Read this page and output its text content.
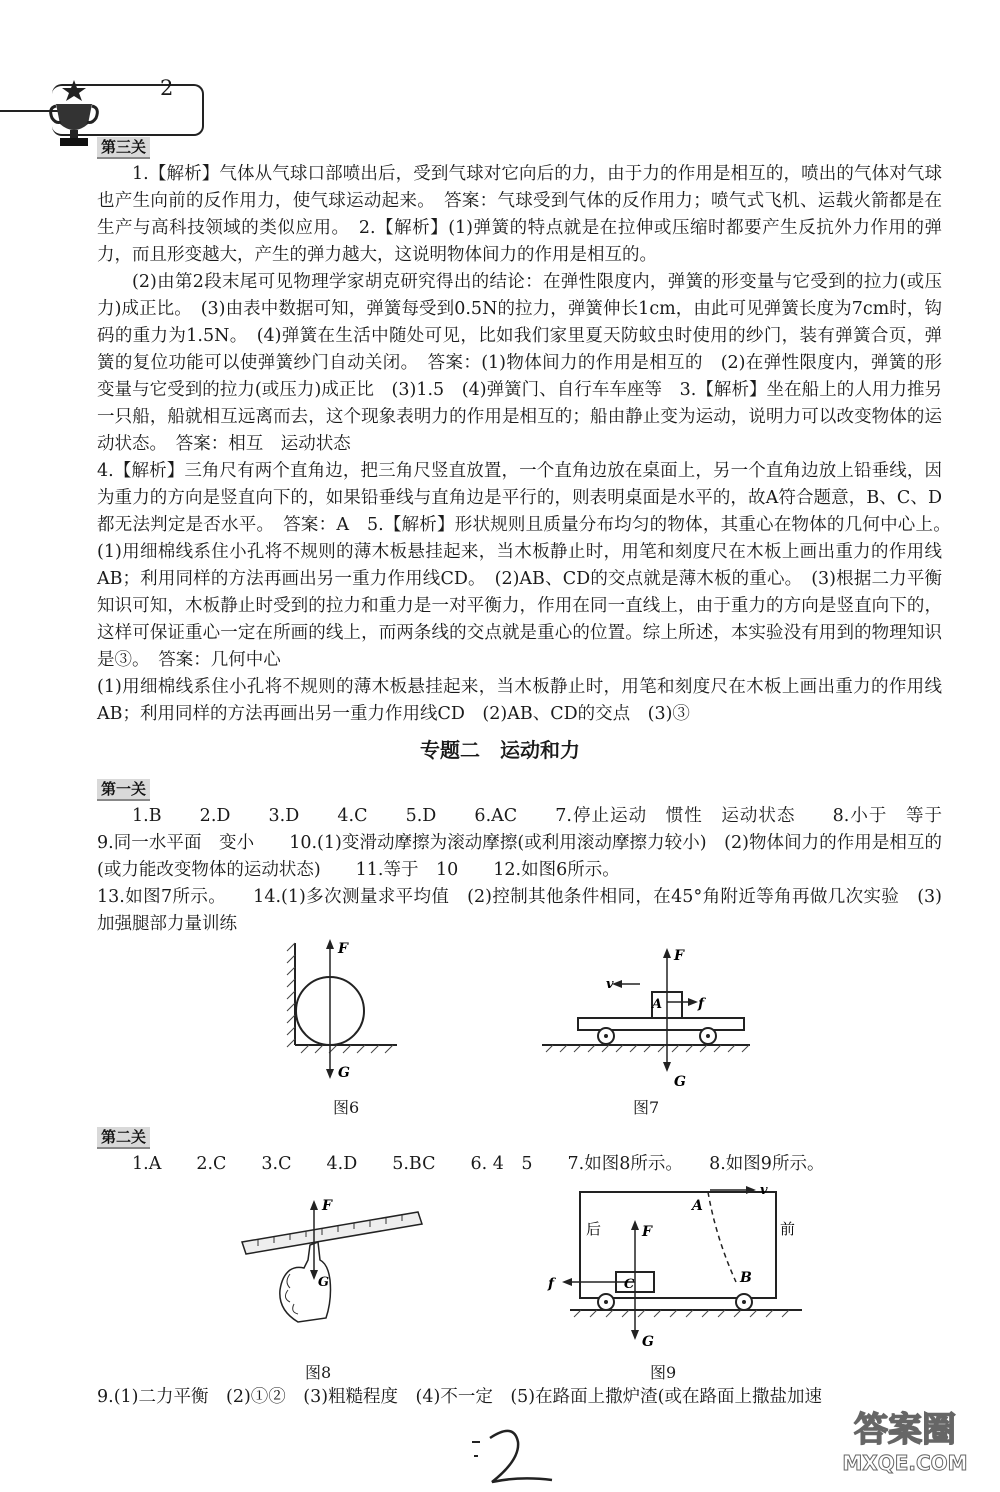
2
第三关

1.【解析】气体从气球口部喷出后，受到气球对它向后的力，由于力的作用是相互的，喷出的气体对气球也产生向前的反作用力，使气球运动起来。　答案：气球受到气体的反作用力；喷气式飞机、运载火箭都是在生产与高科技领域的类似应用。　2.【解析】(1)弹簧的特点就是在拉伸或压缩时都要产生反抗外力作用的弹力，而且形变越大，产生的弹力越大，这说明物体间力的作用是相互的。

(2)由第2段末尾可见物理学家胡克研究得出的结论：在弹性限度内，弹簧的形变量与它受到的拉力(或压力)成正比。　(3)由表中数据可知，弹簧每受到0.5N的拉力，弹簧伸长1cm，由此可见弹簧长度为7cm时，钩码的重力为1.5N。　(4)弹簧在生活中随处可见，比如我们家里夏天防蚊虫时使用的纱门，装有弹簧合页，弹簧的复位功能可以使弹簧纱门自动关闭。　答案：(1)物体间力的作用是相互的　(2)在弹性限度内，弹簧的形变量与它受到的拉力(或压力)成正比　(3)1.5　(4)弹簧门、自行车车座等　3.【解析】坐在船上的人用力推另一只船，船就相互远离而去，这个现象表明力的作用是相互的；船由静止变为运动，说明力可以改变物体的运动状态。　答案：相互　运动状态

4.【解析】三角尺有两个直角边，把三角尺竖直放置，一个直角边放在桌面上，另一个直角边放上铅垂线，因为重力的方向是竖直向下的，如果铅垂线与直角边是平行的，则表明桌面是水平的，故A符合题意，B、C、D都无法判定是否水平。　答案：A　5.【解析】形状规则且质量分布均匀的物体，其重心在物体的几何中心上。　(1)用细棉线系住小孔将不规则的薄木板悬挂起来，当木板静止时，用笔和刻度尺在木板上画出重力的作用线AB；利用同样的方法再画出另一重力作用线CD。　(2)AB、CD的交点就是薄木板的重心。　(3)根据二力平衡知识可知，木板静止时受到的拉力和重力是一对平衡力，作用在同一直线上，由于重力的方向是竖直向下的，这样可保证重心一定在所画的线上，而两条线的交点就是重心的位置。综上所述，本实验没有用到的物理知识是③。　答案：几何中心

(1)用细棉线系住小孔将不规则的薄木板悬挂起来，当木板静止时，用笔和刻度尺在木板上画出重力的作用线AB；利用同样的方法再画出另一重力作用线CD　(2)AB、CD的交点　(3)③

专题二　运动和力
第一关

1.B　　2.D　　3.D　　4.C　　5.D　　6.AC　　7.停止运动　惯性　运动状态　　8.小于　等于　　9.同一水平面　变小　　10.(1)变滑动摩擦为滚动摩擦(或利用滚动摩擦力较小)　(2)物体间力的作用是相互的(或力能改变物体的运动状态)　　11.等于　10　　12.如图6所示。

13.如图7所示。　　14.(1)多次测量求平均值　(2)控制其他条件相同，在45°角附近等角再做几次实验　(3)加强腿部力量训练

F
G
图6
F
G
v
f
A
图7
第二关

1.A　　2.C　　3.C　　4.D　　5.BC　　6. 4　5　　7.如图8所示。　　8.如图9所示。

F
G
图8
v
A
B
C
F
G
f
后	前
图9

9.(1)二力平衡　(2)①②　(3)粗糙程度　(4)不一定　(5)在路面上撒炉渣(或在路面上撒盐加速

答案圈
MXQE.COM
